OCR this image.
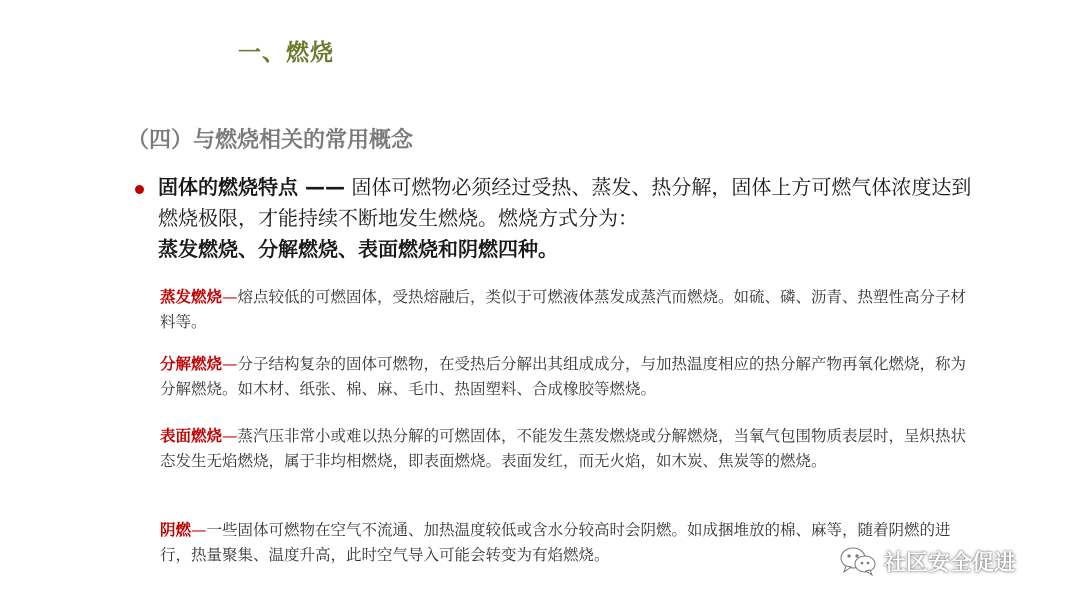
一、燃烧
（四）与燃烧相关的常用概念
固体的燃烧特点 —— 固体可燃物必须经过受热、蒸发、热分解，固体上方可燃气体浓度达到燃烧极限，才能持续不断地发生燃烧。燃烧方式分为：
蒸发燃烧、分解燃烧、表面燃烧和阴燃四种。
蒸发燃烧—熔点较低的可燃固体，受热熔融后，类似于可燃液体蒸发成蒸汽而燃烧。如硫、磷、沥青、热塑性高分子材料等。
分解燃烧—分子结构复杂的固体可燃物，在受热后分解出其组成成分，与加热温度相应的热分解产物再氧化燃烧，称为分解燃烧。如木材、纸张、棉、麻、毛巾、热固塑料、合成橡胶等燃烧。
表面燃烧—蒸汽压非常小或难以热分解的可燃固体，不能发生蒸发燃烧或分解燃烧，当氧气包围物质表层时，呈炽热状态发生无焰燃烧，属于非均相燃烧，即表面燃烧。表面发红，而无火焰，如木炭、焦炭等的燃烧。
阴燃—一些固体可燃物在空气不流通、加热温度较低或含水分较高时会阴燃。如成捆堆放的棉、麻等，随着阴燃的进行，热量聚集、温度升高，此时空气导入可能会转变为有焰燃烧。	社区安全促进
